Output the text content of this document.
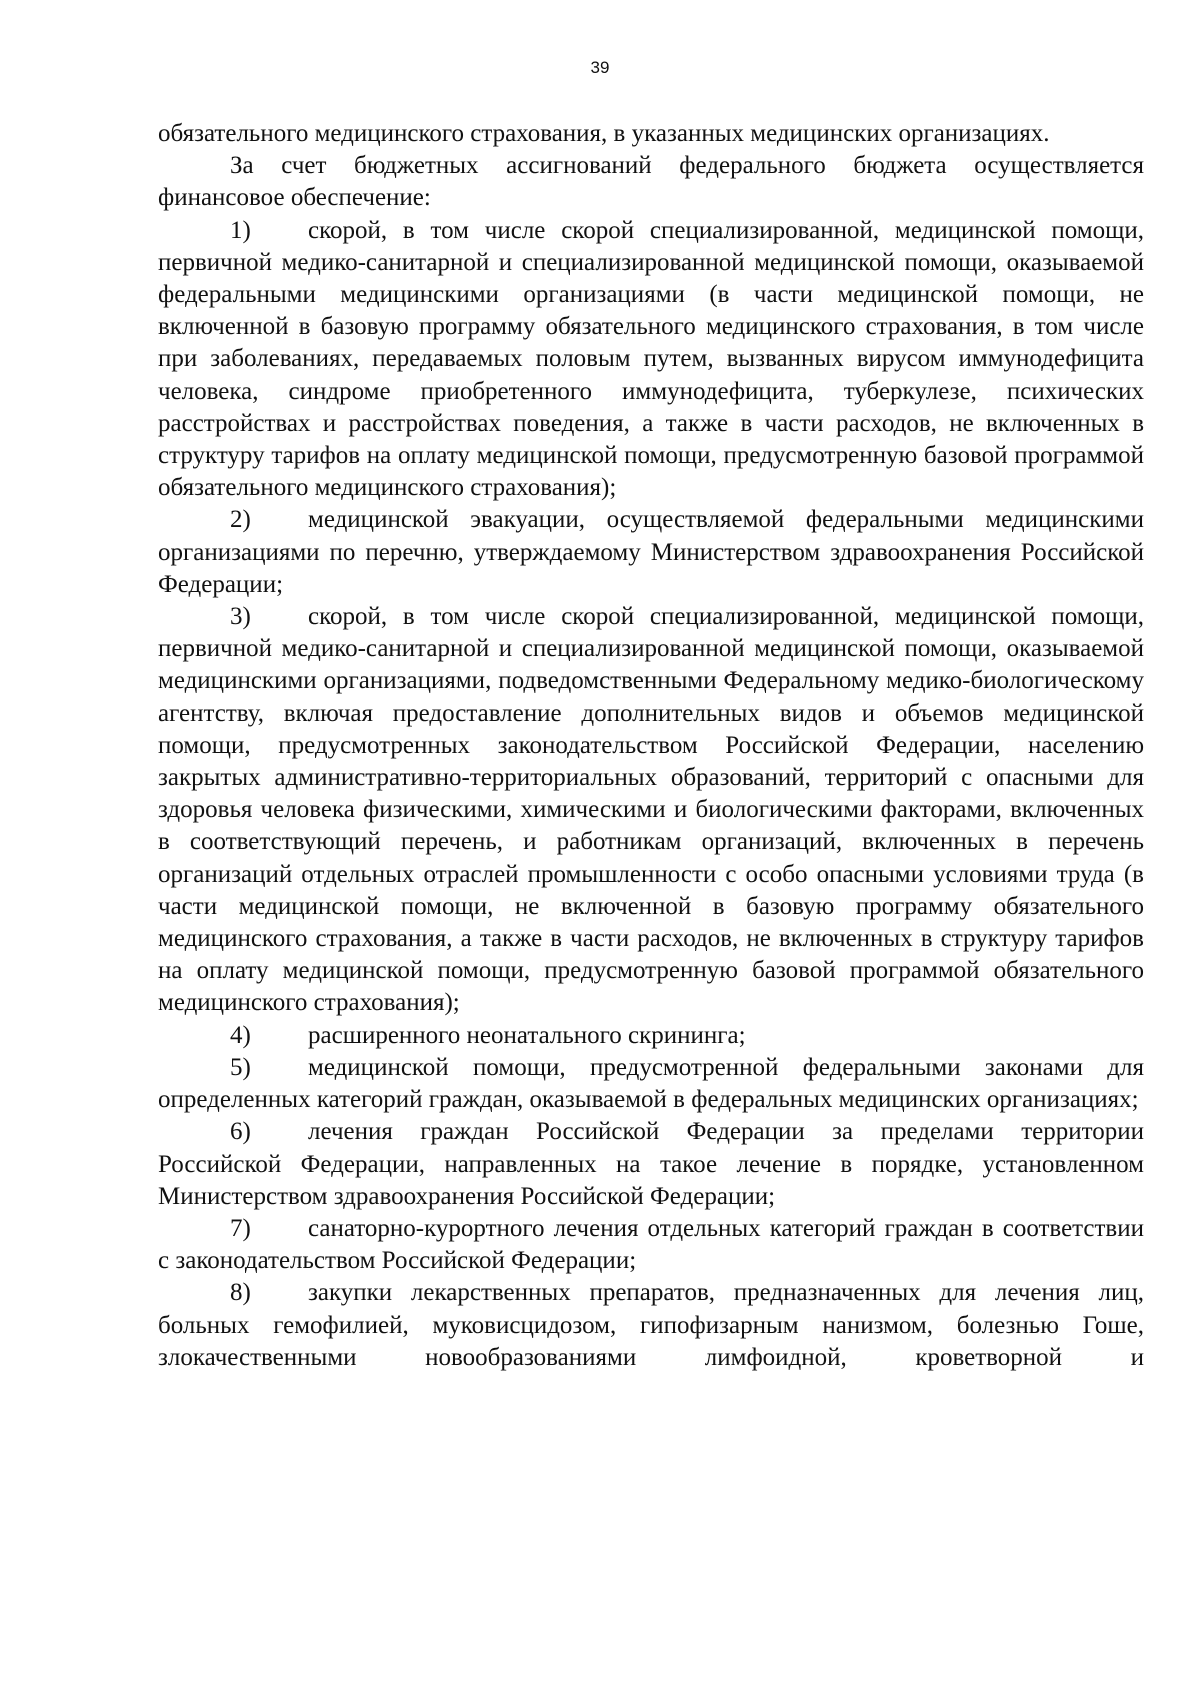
39

обязательного медицинского страхования, в указанных медицинских организациях.

За счет бюджетных ассигнований федерального бюджета осуществляется финансовое обеспечение:

1) скорой, в том числе скорой специализированной, медицинской помощи, первичной медико-санитарной и специализированной медицинской помощи, оказываемой федеральными медицинскими организациями (в части медицинской помощи, не включенной в базовую программу обязательного медицинского страхования, в том числе при заболеваниях, передаваемых половым путем, вызванных вирусом иммунодефицита человека, синдроме приобретенного иммунодефицита, туберкулезе, психических расстройствах и расстройствах поведения, а также в части расходов, не включенных в структуру тарифов на оплату медицинской помощи, предусмотренную базовой программой обязательного медицинского страхования);

2) медицинской эвакуации, осуществляемой федеральными медицинскими организациями по перечню, утверждаемому Министерством здравоохранения Российской Федерации;

3) скорой, в том числе скорой специализированной, медицинской помощи, первичной медико-санитарной и специализированной медицинской помощи, оказываемой медицинскими организациями, подведомственными Федеральному медико-биологическому агентству, включая предоставление дополнительных видов и объемов медицинской помощи, предусмотренных законодательством Российской Федерации, населению закрытых административно-территориальных образований, территорий с опасными для здоровья человека физическими, химическими и биологическими факторами, включенных в соответствующий перечень, и работникам организаций, включенных в перечень организаций отдельных отраслей промышленности с особо опасными условиями труда (в части медицинской помощи, не включенной в базовую программу обязательного медицинского страхования, а также в части расходов, не включенных в структуру тарифов на оплату медицинской помощи, предусмотренную базовой программой обязательного медицинского страхования);

4) расширенного неонатального скрининга;

5) медицинской помощи, предусмотренной федеральными законами для определенных категорий граждан, оказываемой в федеральных медицинских организациях;

6) лечения граждан Российской Федерации за пределами территории Российской Федерации, направленных на такое лечение в порядке, установленном Министерством здравоохранения Российской Федерации;

7) санаторно-курортного лечения отдельных категорий граждан в соответствии с законодательством Российской Федерации;

8) закупки лекарственных препаратов, предназначенных для лечения лиц, больных гемофилией, муковисцидозом, гипофизарным нанизмом, болезнью Гоше, злокачественными новообразованиями лимфоидной, кроветворной и
